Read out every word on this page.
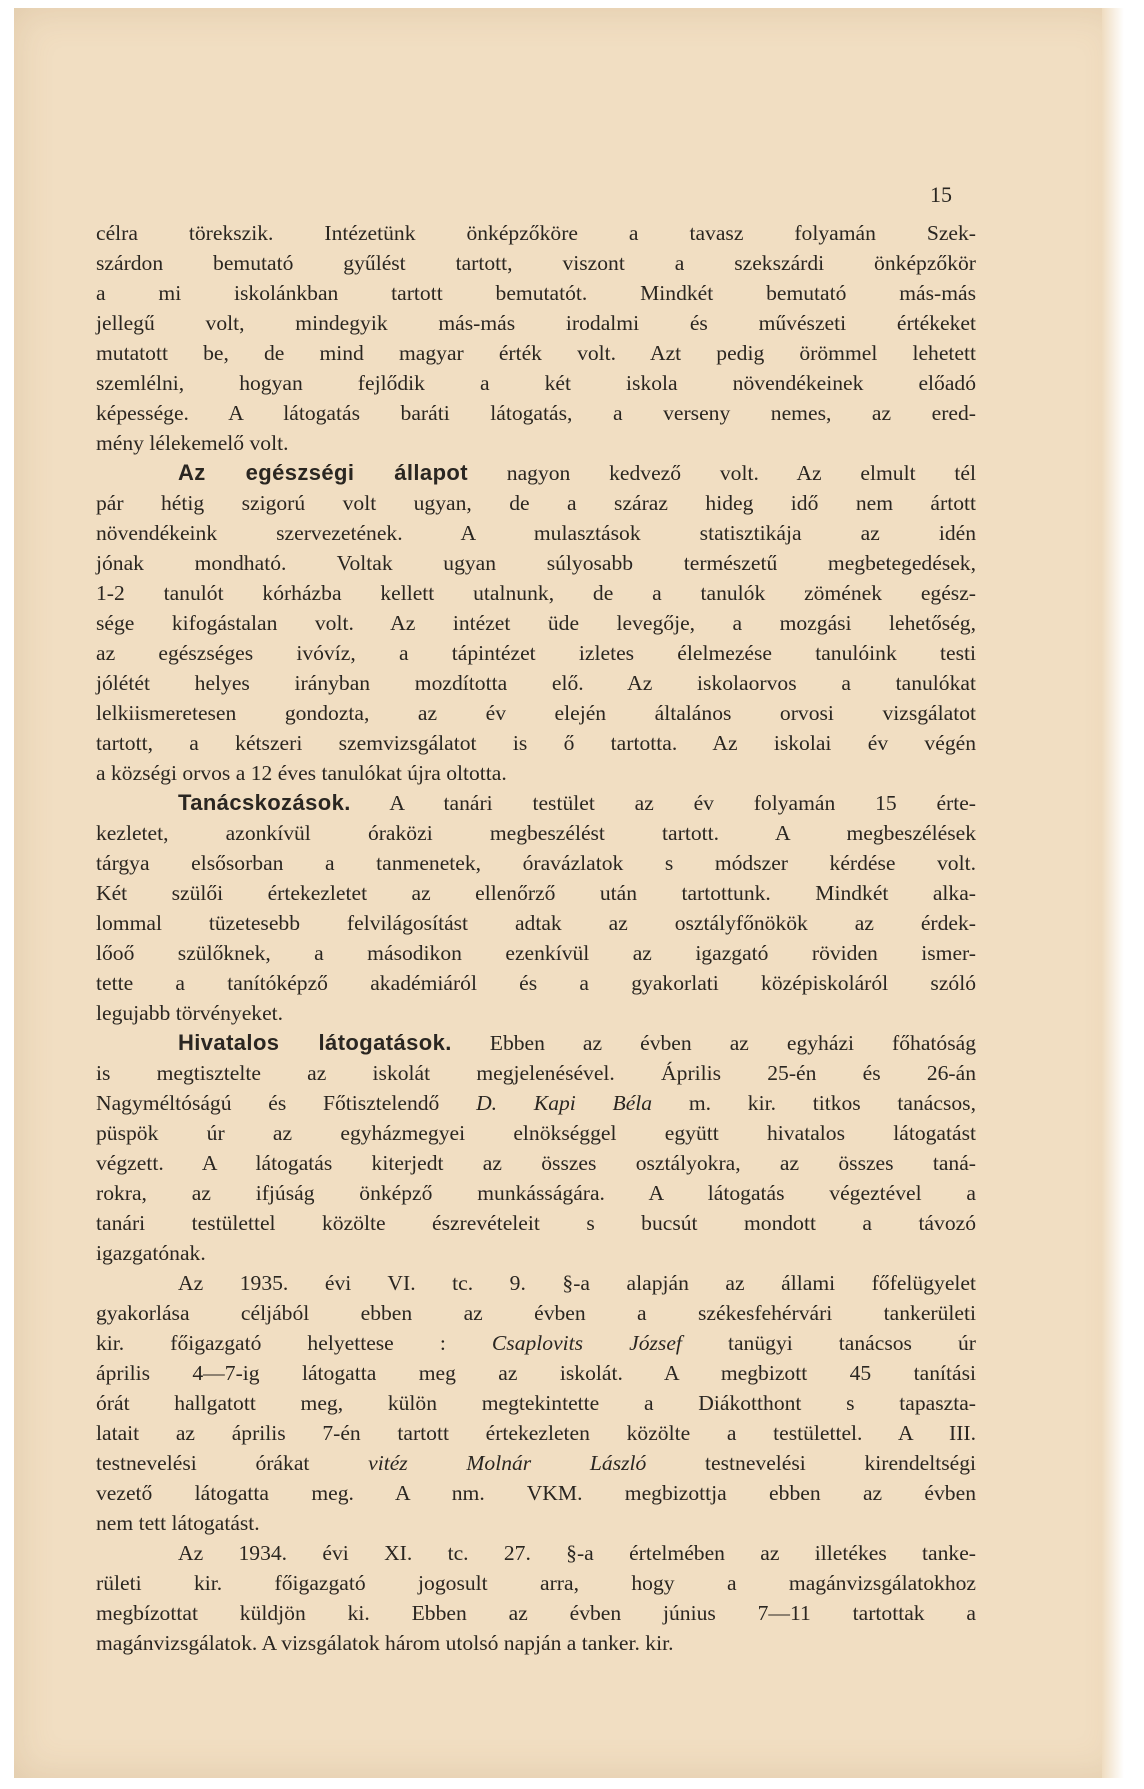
15
célra törekszik. Intézetünk önképzőköre a tavasz folyamán Szek-
szárdon bemutató gyűlést tartott, viszont a szekszárdi önképzőkör
a mi iskolánkban tartott bemutatót. Mindkét bemutató más-más
jellegű volt, mindegyik más-más irodalmi és művészeti értékeket
mutatott be, de mind magyar érték volt. Azt pedig örömmel lehetett
szemlélni, hogyan fejlődik a két iskola növendékeinek előadó
képessége. A látogatás baráti látogatás, a verseny nemes, az ered-
mény lélekemelő volt.
Az egészségi állapot nagyon kedvező volt. Az elmult tél
pár hétig szigorú volt ugyan, de a száraz hideg idő nem ártott
növendékeink szervezetének. A mulasztások statisztikája az idén
jónak mondható. Voltak ugyan súlyosabb természetű megbetegedések,
1-2 tanulót kórházba kellett utalnunk, de a tanulók zömének egész-
sége kifogástalan volt. Az intézet üde levegője, a mozgási lehetőség,
az egészséges ivóvíz, a tápintézet izletes élelmezése tanulóink testi
jólétét helyes irányban mozdította elő. Az iskolaorvos a tanulókat
lelkiismeretesen gondozta, az év elején általános orvosi vizsgálatot
tartott, a kétszeri szemvizsgálatot is ő tartotta. Az iskolai év végén
a községi orvos a 12 éves tanulókat újra oltotta.
Tanácskozások. A tanári testület az év folyamán 15 érte-
kezletet, azonkívül óraközi megbeszélést tartott. A megbeszélések
tárgya elsősorban a tanmenetek, óravázlatok s módszer kérdése volt.
Két szülői értekezletet az ellenőrző után tartottunk. Mindkét alka-
lommal tüzetesebb felvilágosítást adtak az osztályfőnökök az érdek-
lőoő szülőknek, a másodikon ezenkívül az igazgató röviden ismer-
tette a tanítóképző akadémiáról és a gyakorlati középiskoláról szóló
legujabb törvényeket.
Hivatalos látogatások. Ebben az évben az egyházi főhatóság
is megtisztelte az iskolát megjelenésével. Április 25-én és 26-án
Nagyméltóságú és Főtisztelendő D. Kapi Béla m. kir. titkos tanácsos,
püspök úr az egyházmegyei elnökséggel együtt hivatalos látogatást
végzett. A látogatás kiterjedt az összes osztályokra, az összes taná-
rokra, az ifjúság önképző munkásságára. A látogatás végeztével a
tanári testülettel közölte észrevételeit s bucsút mondott a távozó
igazgatónak.
Az 1935. évi VI. tc. 9. §-a alapján az állami főfelügyelet
gyakorlása céljából ebben az évben a székesfehérvári tankerületi
kir. főigazgató helyettese : Csaplovits József tanügyi tanácsos úr
április 4—7-ig látogatta meg az iskolát. A megbizott 45 tanítási
órát hallgatott meg, külön megtekintette a Diákotthont s tapaszta-
latait az április 7-én tartott értekezleten közölte a testülettel. A III.
testnevelési órákat	vitéz Molnár László	testnevelési kirendeltségi
vezető látogatta meg. A nm. VKM. megbizottja ebben az évben
nem tett látogatást.
Az 1934. évi XI. tc. 27. §-a értelmében az illetékes tanke-
rületi kir. főigazgató jogosult arra, hogy a magánvizsgálatokhoz
megbízottat küldjön ki. Ebben az évben június 7—11 tartottak a
magánvizsgálatok. A vizsgálatok három utolsó napján a tanker. kir.
